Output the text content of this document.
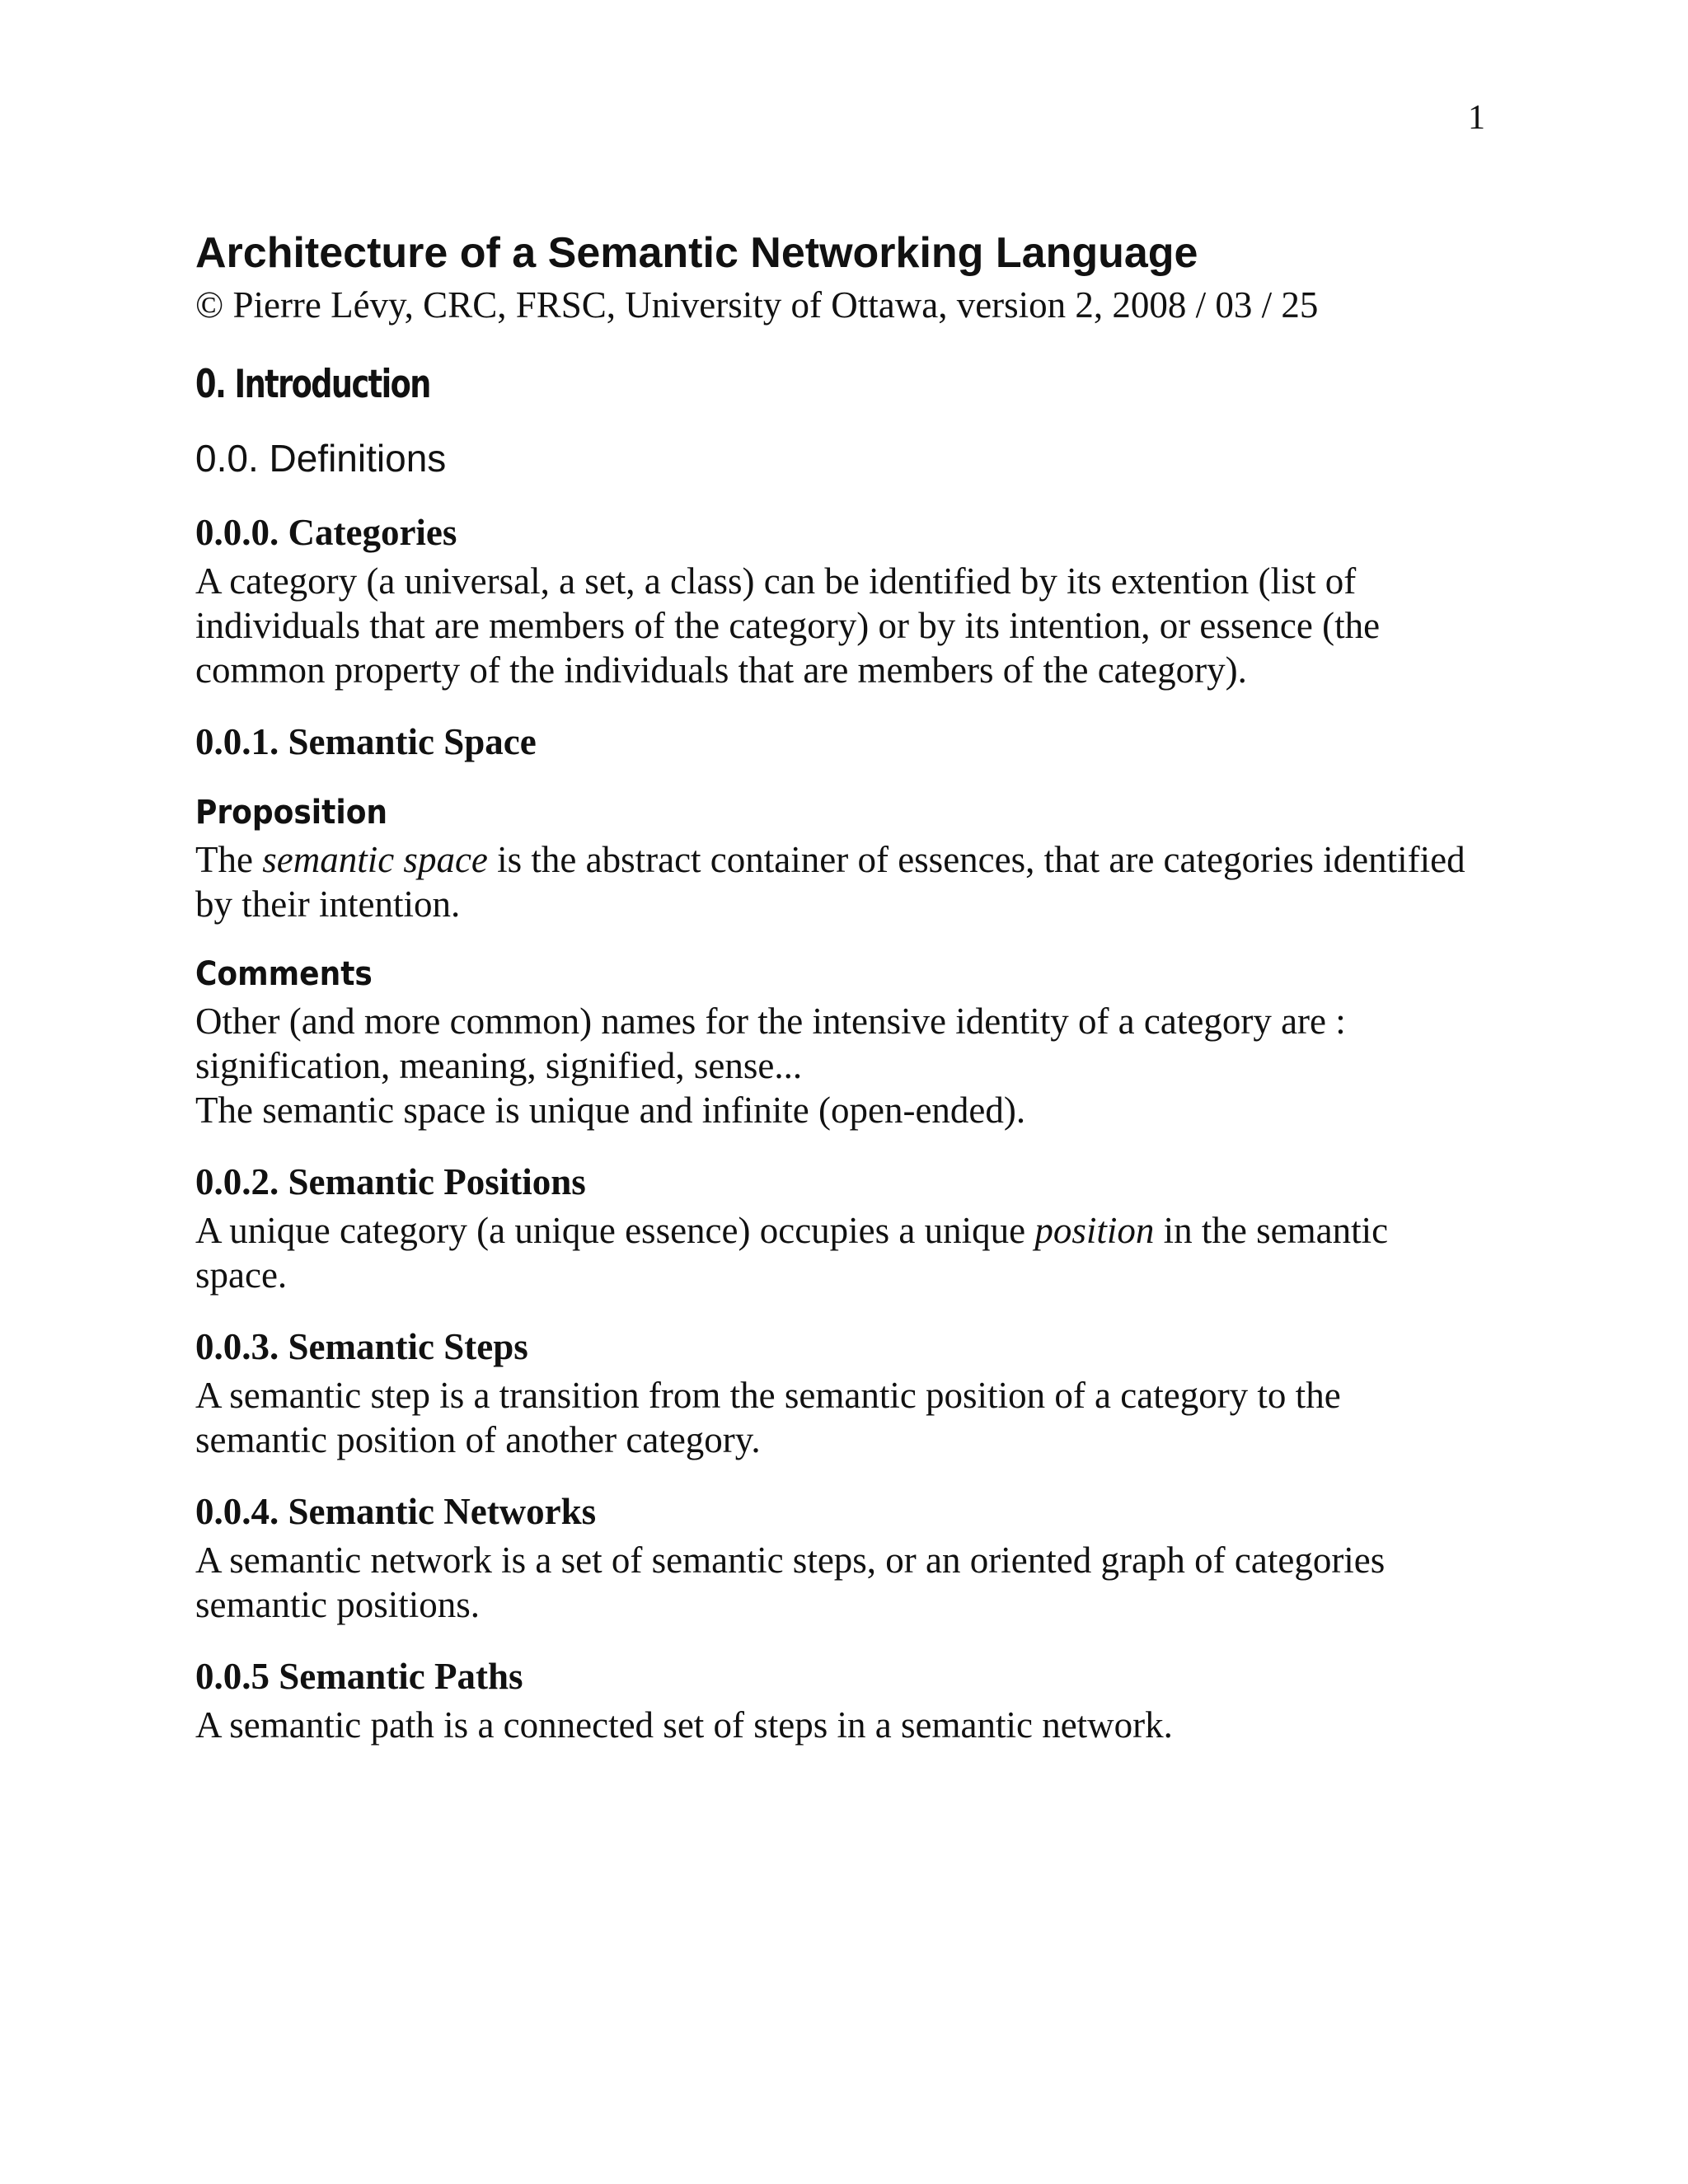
1
Architecture of a Semantic Networking Language

© Pierre Lévy, CRC, FRSC, University of Ottawa, version 2, 2008 / 03 / 25

0. Introduction
0.0. Definitions
0.0.0. Categories

A category (a universal, a set, a class) can be identified by its extention (list of individuals that are members of the category) or by its intention, or essence (the common property of the individuals that are members of the category).

0.0.1. Semantic Space
Proposition

The semantic space is the abstract container of essences, that are categories identified by their intention.

Comments

Other (and more common) names for the intensive identity of a category are : signification, meaning, signified, sense...

The semantic space is unique and infinite (open-ended).

0.0.2. Semantic Positions

A unique category (a unique essence) occupies a unique position in the semantic space.

0.0.3. Semantic Steps

A semantic step is a transition from the semantic position of a category to the semantic position of another category.

0.0.4. Semantic Networks

A semantic network is a set of semantic steps, or an oriented graph of categories semantic positions.

0.0.5 Semantic Paths

A semantic path is a connected set of steps in a semantic network.
